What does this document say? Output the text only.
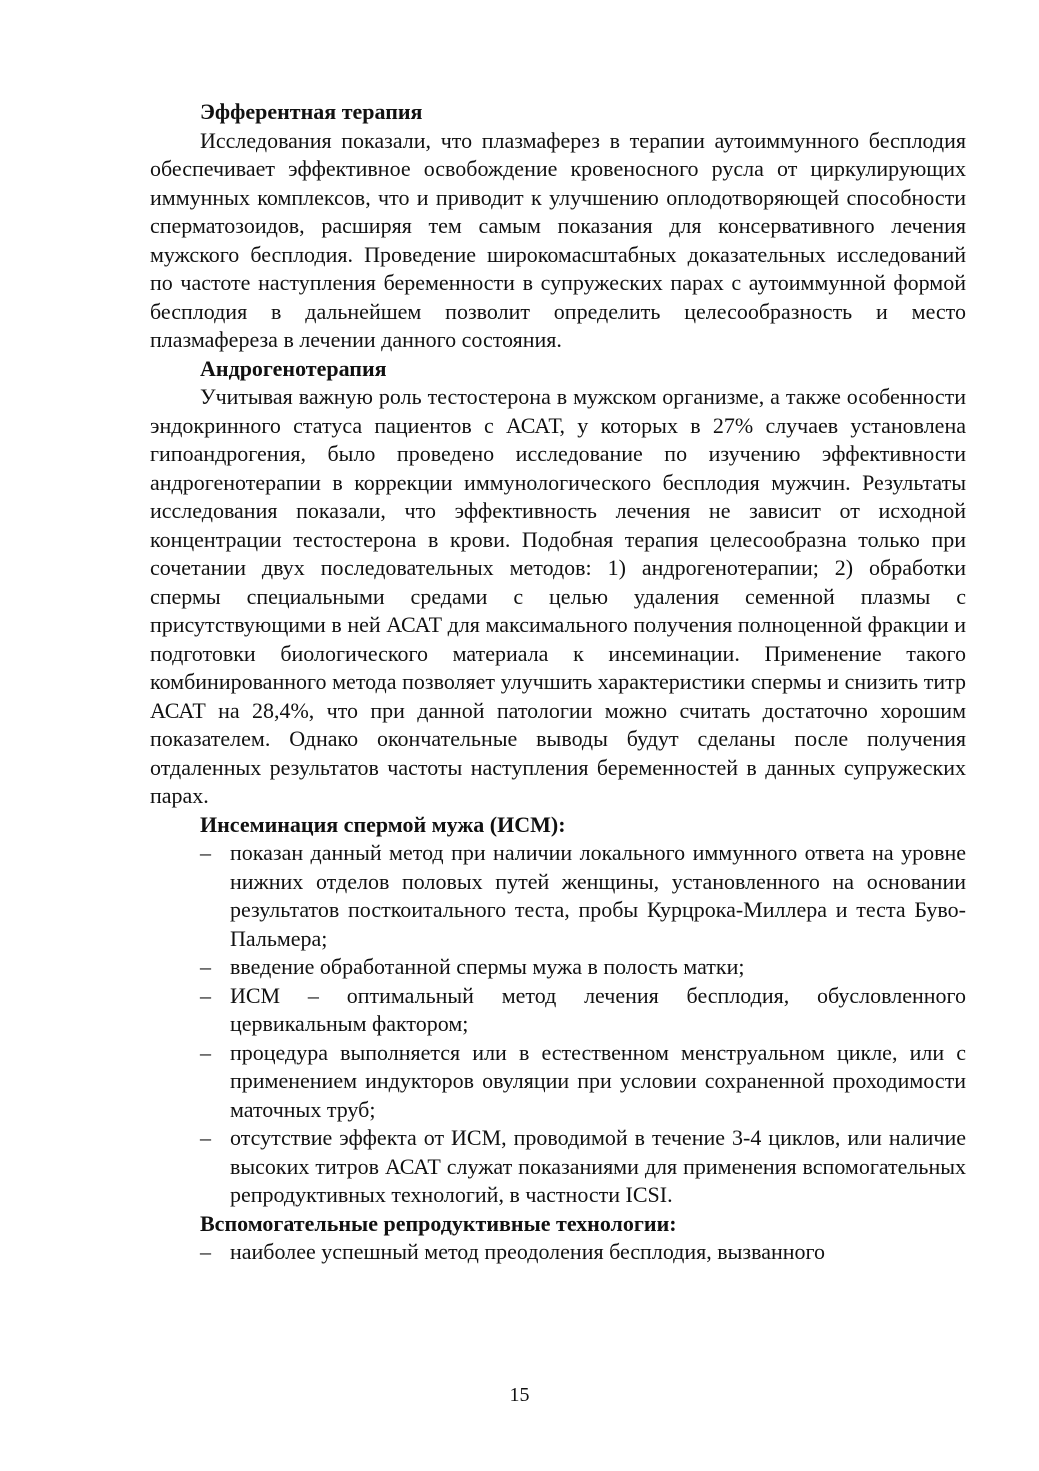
Эфферентная терапия

Исследования показали, что плазмаферез в терапии аутоиммунного бесплодия обеспечивает эффективное освобождение кровеносного русла от циркулирующих иммунных комплексов, что и приводит к улучшению оплодотворяющей способности сперматозоидов, расширяя тем самым показания для консервативного лечения мужского бесплодия. Проведение широкомасштабных доказательных исследований по частоте наступления беременности в супружеских парах с аутоиммунной формой бесплодия в дальнейшем позволит определить целесообразность и место плазмафереза в лечении данного состояния.

Андрогенотерапия

Учитывая важную роль тестостерона в мужском организме, а также особенности эндокринного статуса пациентов с АСАТ, у которых в 27% случаев установлена гипоандрогения, было проведено исследование по изучению эффективности андрогенотерапии в коррекции иммунологического бесплодия мужчин. Результаты исследования показали, что эффективность лечения не зависит от исходной концентрации тестостерона в крови. Подобная терапия целесообразна только при сочетании двух последовательных методов: 1) андрогенотерапии; 2) обработки спермы специальными средами с целью удаления семенной плазмы с присутствующими в ней АСАТ для максимального получения полноценной фракции и подготовки биологического материала к инсеминации. Применение такого комбинированного метода позволяет улучшить характеристики спермы и снизить титр АСАТ на 28,4%, что при данной патологии можно считать достаточно хорошим показателем. Однако окончательные выводы будут сделаны после получения отдаленных результатов частоты наступления беременностей в данных супружеских парах.

Инсеминация спермой мужа (ИСМ):

– показан данный метод при наличии локального иммунного ответа на уровне нижних отделов половых путей женщины, установленного на основании результатов посткоитального теста, пробы Курцрока-Миллера и теста Буво-Пальмера;
– введение обработанной спермы мужа в полость матки;
– ИСМ – оптимальный метод лечения бесплодия, обусловленного цервикальным фактором;
– процедура выполняется или в естественном менструальном цикле, или с применением индукторов овуляции при условии сохраненной проходимости маточных труб;
– отсутствие эффекта от ИСМ, проводимой в течение 3-4 циклов, или наличие высоких титров АСАТ служат показаниями для применения вспомогательных репродуктивных технологий, в частности ICSI.

Вспомогательные репродуктивные технологии:

– наиболее успешный метод преодоления бесплодия, вызванного
15
